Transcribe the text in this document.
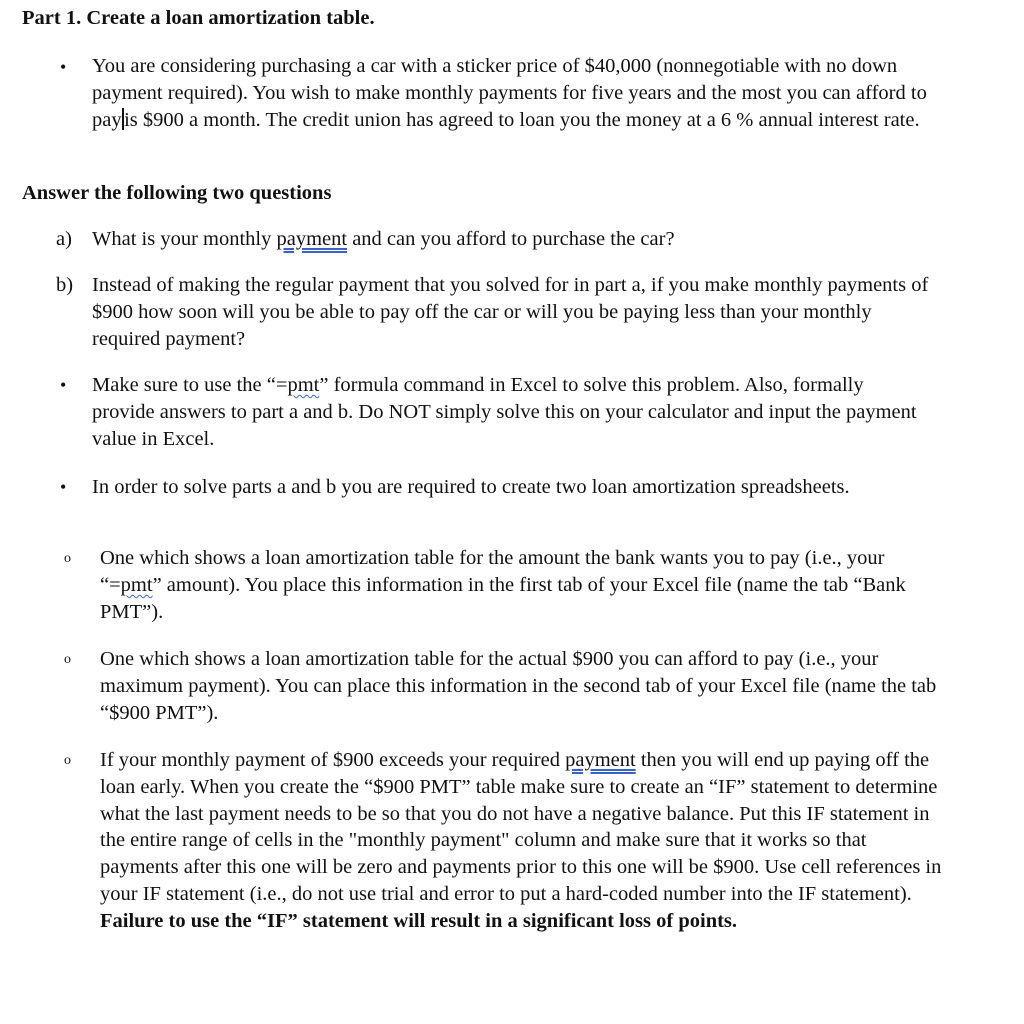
Part 1. Create a loan amortization table.
• You are considering purchasing a car with a sticker price of $40,000 (nonnegotiable with no down payment required). You wish to make monthly payments for five years and the most you can afford to pay is $900 a month. The credit union has agreed to loan you the money at a 6 % annual interest rate.

Answer the following two questions
a) What is your monthly payment and can you afford to purchase the car?

b) Instead of making the regular payment that you solved for in part a, if you make monthly payments of $900 how soon will you be able to pay off the car or will you be paying less than your monthly required payment?

• Make sure to use the “=pmt” formula command in Excel to solve this problem. Also, formally provide answers to part a and b. Do NOT simply solve this on your calculator and input the payment value in Excel.

• In order to solve parts a and b you are required to create two loan amortization spreadsheets.

o One which shows a loan amortization table for the amount the bank wants you to pay (i.e., your “=pmt” amount). You place this information in the first tab of your Excel file (name the tab “Bank PMT”).

o One which shows a loan amortization table for the actual $900 you can afford to pay (i.e., your maximum payment). You can place this information in the second tab of your Excel file (name the tab “$900 PMT”).

o If your monthly payment of $900 exceeds your required payment then you will end up paying off the loan early. When you create the “$900 PMT” table make sure to create an “IF” statement to determine what the last payment needs to be so that you do not have a negative balance. Put this IF statement in the entire range of cells in the "monthly payment" column and make sure that it works so that payments after this one will be zero and payments prior to this one will be $900. Use cell references in your IF statement (i.e., do not use trial and error to put a hard-coded number into the IF statement). Failure to use the “IF” statement will result in a significant loss of points.
